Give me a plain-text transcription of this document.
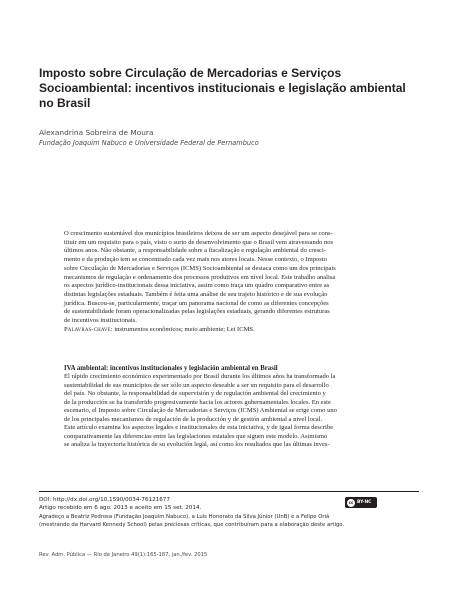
Imposto sobre Circulação de Mercadorias e Serviços
Socioambiental: incentivos institucionais e legislação ambiental
no Brasil
Alexandrina Sobreira de Moura
Fundação Joaquim Nabuco e Universidade Federal de Pernambuco
O crescimento sustentável dos municípios brasileiros deixou de ser um aspecto desejável para se cons-
tituir em um requisito para o país, visto o surto de desenvolvimento que o Brasil vem atravessando nos
últimos anos. Não obstante, a responsabilidade sobre a fiscalização e regulação ambiental do cresci-
mento e da produção tem se concentrado cada vez mais nos atores locais. Nesse contexto, o Imposto
sobre Circulação de Mercadorias e Serviços (ICMS) Socioambiental se destaca como um dos principais
mecanismos de regulação e ordenamento dos processos produtivos em nível local. Este trabalho analisa
os aspectos jurídico-institucionais dessa iniciativa, assim como traça um quadro comparativo entre as
distintas legislações estaduais. Também é feita uma análise de seu trajeto histórico e de sua evolução
jurídica. Buscou-se, particularmente, traçar um panorama nacional de como as diferentes concepções
de sustentabilidade foram operacionalizadas pelas legislações estaduais, gerando diferentes estruturas
de incentivos institucionais.
Palavras-chave: instrumentos econômicos; meio ambiente; Lei ICMS.
IVA ambiental: incentivos institucionales y legislación ambiental en Brasil
El rápido crecimiento económico experimentado por Brasil durante los últimos años ha transformado la
sustentabilidad de sus municipios de ser sólo un aspecto deseable a ser un requisito para el desarrollo
del país. No obstante, la responsabilidad de supervisión y de regulación ambiental del crecimiento y
de la producción se ha transferido progresivamente hacia los actores gubernamentales locales. En este
escenario, el Imposto sobre Circulação de Mercadorias e Serviços (ICMS) Ambiental se erige como uno
de los principales mecanismos de regulación de la producción y de gestión ambiental a nivel local.
Este artículo examina los aspectos legales e institucionales de esta iniciativa, y de igual forma describe
comparativamente las diferencias entre las legislaciones estatales que siguen este modelo. Asimismo
se analiza la trayectoria histórica de su evolución legal, así como los resultados que las últimas inves-
DOI: http://dx.doi.org/10.1590/0034-76121677
Artigo recebido em 6 ago. 2013 e aceito em 15 set. 2014.
cc BY-NC
Agradeço a Beatriz Pedrosa (Fundação Joaquim Nabuco), a Luís Honorato da Silva Júnior (UnB) e a Felipe Oriá
(mestrando da Harvard Kennedy School) pelas preciosas críticas, que contribuíram para a elaboração deste artigo.
Rev. Adm. Pública — Rio de Janeiro 49(1):165-187, jan./fev. 2015
